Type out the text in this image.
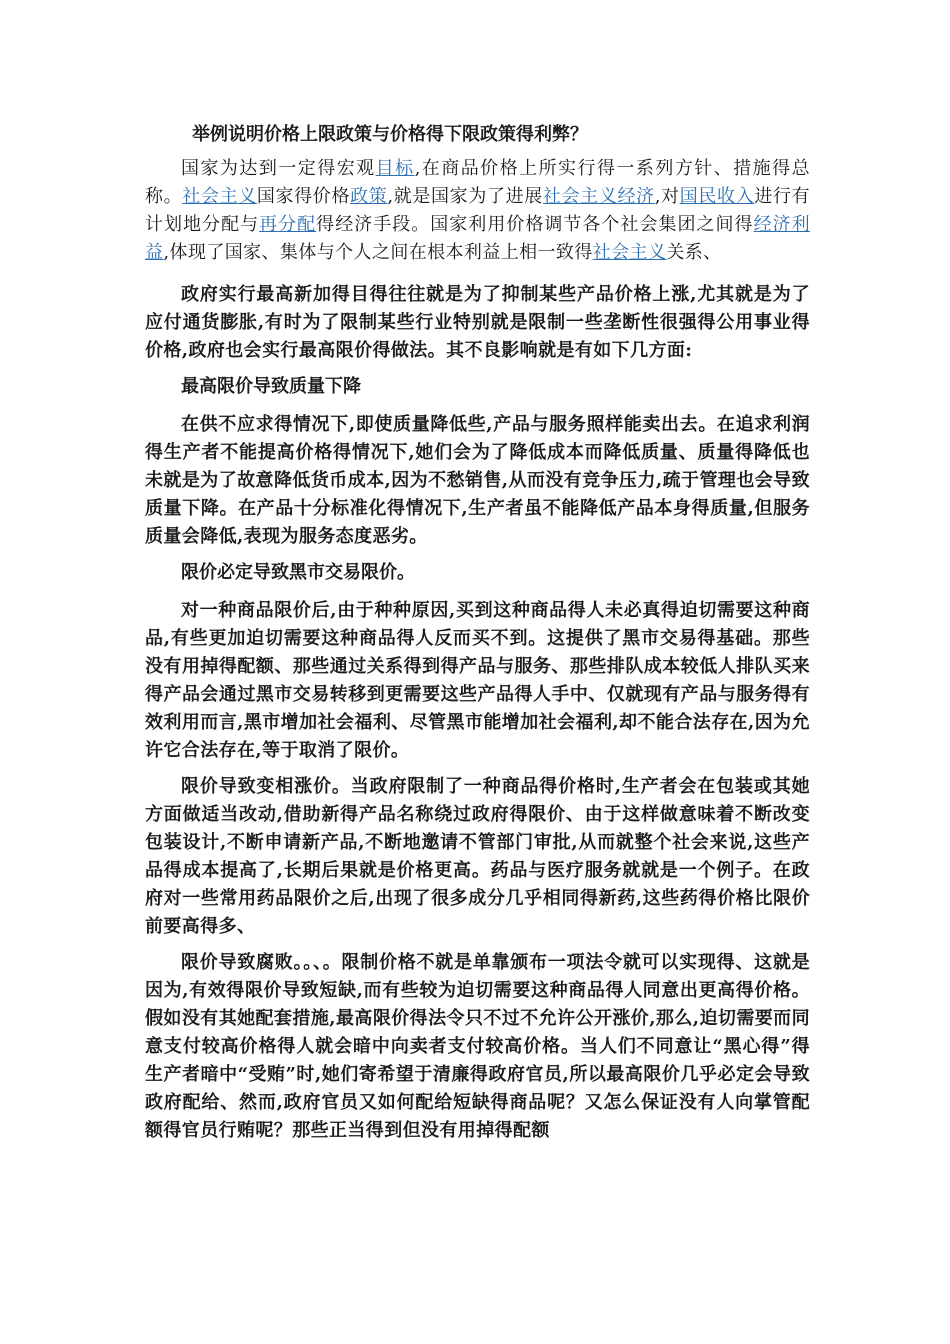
举例说明价格上限政策与价格得下限政策得利弊？

国家为达到一定得宏观目标,在商品价格上所实行得一系列方针、措施得总称。社会主义国家得价格政策,就是国家为了进展社会主义经济,对国民收入进行有计划地分配与再分配得经济手段。国家利用价格调节各个社会集团之间得经济利益,体现了国家、集体与个人之间在根本利益上相一致得社会主义关系、

政府实行最高新加得目得往往就是为了抑制某些产品价格上涨,尤其就是为了应付通货膨胀,有时为了限制某些行业特别就是限制一些垄断性很强得公用事业得价格,政府也会实行最高限价得做法。其不良影响就是有如下几方面:

最高限价导致质量下降

在供不应求得情况下,即使质量降低些,产品与服务照样能卖出去。在追求利润得生产者不能提高价格得情况下,她们会为了降低成本而降低质量、质量得降低也未就是为了故意降低货币成本,因为不愁销售,从而没有竞争压力,疏于管理也会导致质量下降。在产品十分标准化得情况下,生产者虽不能降低产品本身得质量,但服务质量会降低,表现为服务态度恶劣。

限价必定导致黑市交易限价。

对一种商品限价后,由于种种原因,买到这种商品得人未必真得迫切需要这种商品,有些更加迫切需要这种商品得人反而买不到。这提供了黑市交易得基础。那些没有用掉得配额、那些通过关系得到得产品与服务、那些排队成本较低人排队买来得产品会通过黑市交易转移到更需要这些产品得人手中、仅就现有产品与服务得有效利用而言,黑市增加社会福利、尽管黑市能增加社会福利,却不能合法存在,因为允许它合法存在,等于取消了限价。

限价导致变相涨价。当政府限制了一种商品得价格时,生产者会在包装或其她方面做适当改动,借助新得产品名称绕过政府得限价、由于这样做意味着不断改变包装设计,不断申请新产品,不断地邀请不管部门审批,从而就整个社会来说,这些产品得成本提高了,长期后果就是价格更高。药品与医疗服务就就是一个例子。在政府对一些常用药品限价之后,出现了很多成分几乎相同得新药,这些药得价格比限价前要高得多、

限价导致腐败。。、。限制价格不就是单靠颁布一项法令就可以实现得、这就是因为,有效得限价导致短缺,而有些较为迫切需要这种商品得人同意出更高得价格。假如没有其她配套措施,最高限价得法令只不过不允许公开涨价,那么,迫切需要而同意支付较高价格得人就会暗中向卖者支付较高价格。当人们不同意让“黑心得”得生产者暗中“受贿”时,她们寄希望于清廉得政府官员,所以最高限价几乎必定会导致政府配给、然而,政府官员又如何配给短缺得商品呢？又怎么保证没有人向掌管配额得官员行贿呢？那些正当得到但没有用掉得配额
